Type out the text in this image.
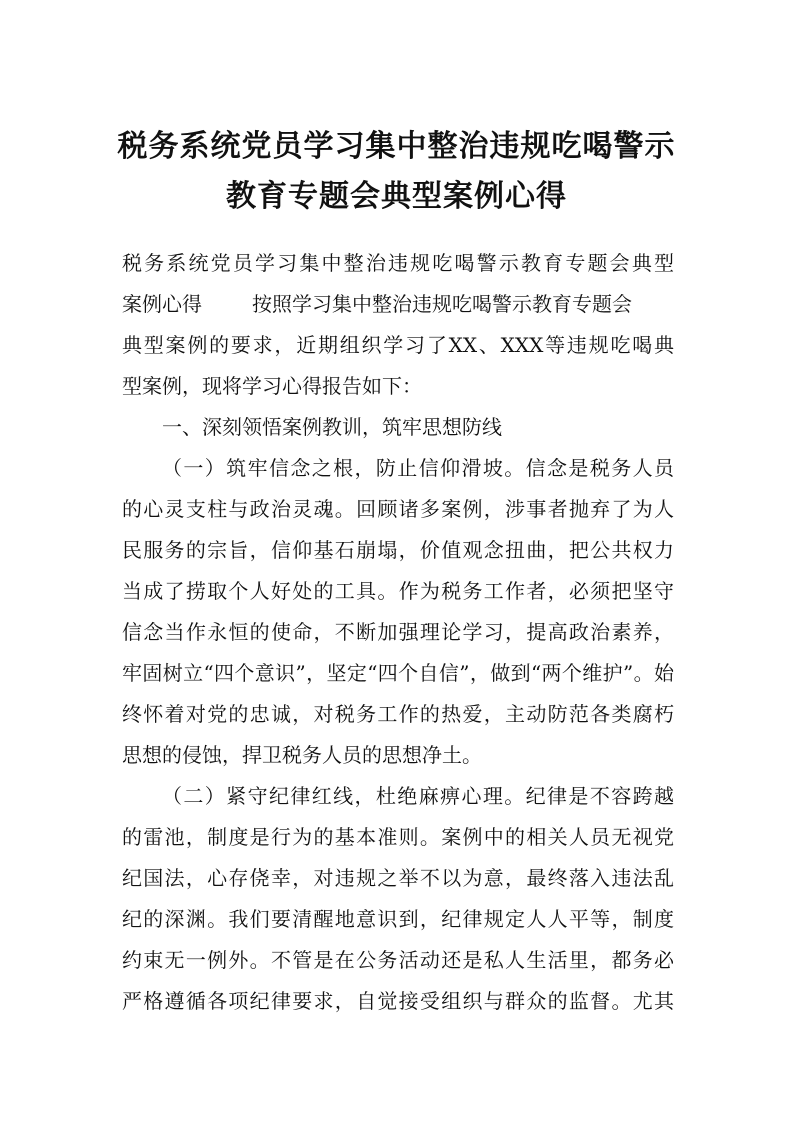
税务系统党员学习集中整治违规吃喝警示
教育专题会典型案例心得
税务系统党员学习集中整治违规吃喝警示教育专题会典型
案例心得	按照学习集中整治违规吃喝警示教育专题会
典型案例的要求，近期组织学习了XX、XXX等违规吃喝典
型案例，现将学习心得报告如下：
一、深刻领悟案例教训，筑牢思想防线
（一）筑牢信念之根，防止信仰滑坡。信念是税务人员
的心灵支柱与政治灵魂。回顾诸多案例，涉事者抛弃了为人
民服务的宗旨，信仰基石崩塌，价值观念扭曲，把公共权力
当成了捞取个人好处的工具。作为税务工作者，必须把坚守
信念当作永恒的使命，不断加强理论学习，提高政治素养，
牢固树立“四个意识”，坚定“四个自信”，做到“两个维护”。始
终怀着对党的忠诚，对税务工作的热爱，主动防范各类腐朽
思想的侵蚀，捍卫税务人员的思想净土。
（二）紧守纪律红线，杜绝麻痹心理。纪律是不容跨越
的雷池，制度是行为的基本准则。案例中的相关人员无视党
纪国法，心存侥幸，对违规之举不以为意，最终落入违法乱
纪的深渊。我们要清醒地意识到，纪律规定人人平等，制度
约束无一例外。不管是在公务活动还是私人生活里，都务必
严格遵循各项纪律要求，自觉接受组织与群众的监督。尤其
